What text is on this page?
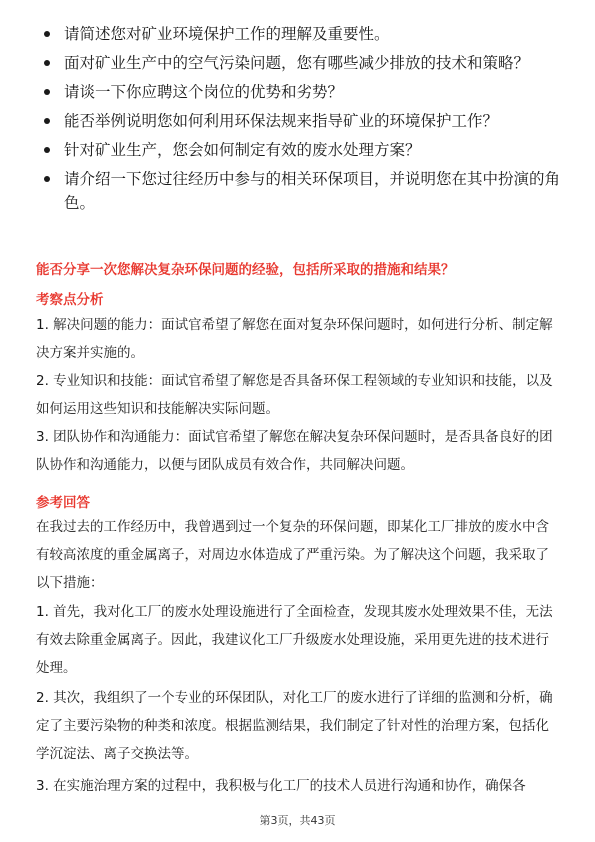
请简述您对矿业环境保护工作的理解及重要性。
面对矿业生产中的空气污染问题，您有哪些减少排放的技术和策略？
请谈一下你应聘这个岗位的优势和劣势？
能否举例说明您如何利用环保法规来指导矿业的环境保护工作？
针对矿业生产，您会如何制定有效的废水处理方案？
请介绍一下您过往经历中参与的相关环保项目，并说明您在其中扮演的角色。
能否分享一次您解决复杂环保问题的经验，包括所采取的措施和结果？
考察点分析
1. 解决问题的能力：面试官希望了解您在面对复杂环保问题时，如何进行分析、制定解决方案并实施的。
2. 专业知识和技能：面试官希望了解您是否具备环保工程领域的专业知识和技能，以及如何运用这些知识和技能解决实际问题。
3. 团队协作和沟通能力：面试官希望了解您在解决复杂环保问题时，是否具备良好的团队协作和沟通能力，以便与团队成员有效合作，共同解决问题。
参考回答
在我过去的工作经历中，我曾遇到过一个复杂的环保问题，即某化工厂排放的废水中含有较高浓度的重金属离子，对周边水体造成了严重污染。为了解决这个问题，我采取了以下措施：
1. 首先，我对化工厂的废水处理设施进行了全面检查，发现其废水处理效果不佳，无法有效去除重金属离子。因此，我建议化工厂升级废水处理设施，采用更先进的技术进行处理。
2. 其次，我组织了一个专业的环保团队，对化工厂的废水进行了详细的监测和分析，确定了主要污染物的种类和浓度。根据监测结果，我们制定了针对性的治理方案，包括化学沉淀法、离子交换法等。
3. 在实施治理方案的过程中，我积极与化工厂的技术人员进行沟通和协作，确保各
第3页，共43页
